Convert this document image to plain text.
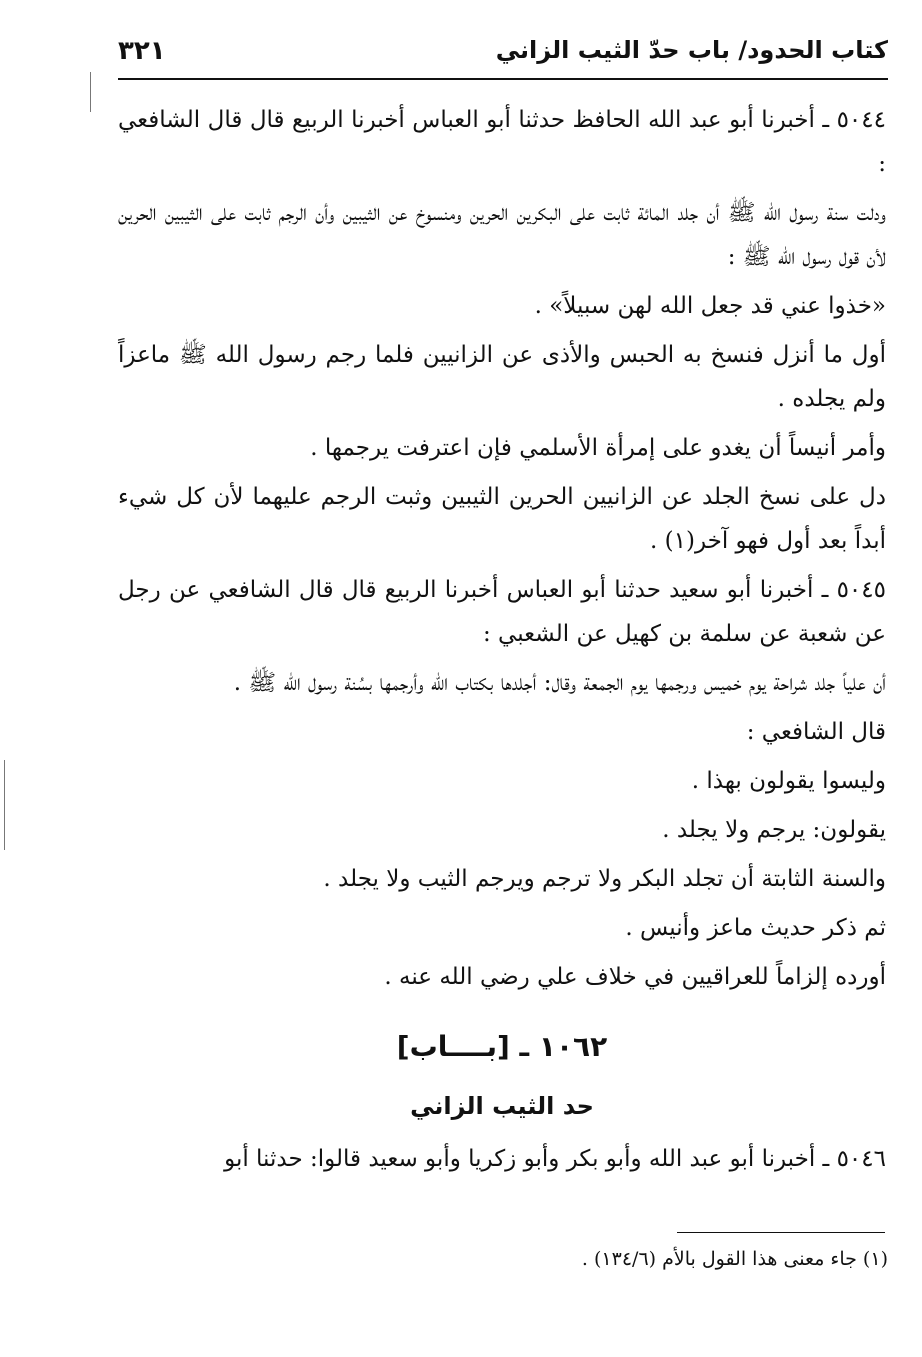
كتاب الحدود/ باب حدّ الثيب الزاني
٣٢١

٥٠٤٤ ـ أخبرنا أبو عبد الله الحافظ حدثنا أبو العباس أخبرنا الربيع قال قال الشافعي :

ودلت سنة رسول الله ﷺ أن جلد المائة ثابت على البكرين الحرين ومنسوخ عن الثيبين وأن الرجم ثابت على الثيبين الحرين لأن قول رسول الله ﷺ :

«خذوا عني قد جعل الله لهن سبيلاً» .

أول ما أنزل فنسخ به الحبس والأذى عن الزانيين فلما رجم رسول الله ﷺ ماعزاً ولم يجلده .

وأمر أنيساً أن يغدو على إمرأة الأسلمي فإن اعترفت يرجمها .

دل على نسخ الجلد عن الزانيين الحرين الثيبين وثبت الرجم عليهما لأن كل شيء أبداً بعد أول فهو آخر(١) .

٥٠٤٥ ـ أخبرنا أبو سعيد حدثنا أبو العباس أخبرنا الربيع قال قال الشافعي عن رجل عن شعبة عن سلمة بن كهيل عن الشعبي :

أن علياً جلد شراحة يوم خميس ورجمها يوم الجمعة وقال: أجلدها بكتاب الله وأرجمها بسُنة رسول الله ﷺ .

قال الشافعي :

وليسوا يقولون بهذا .

يقولون: يرجم ولا يجلد .

والسنة الثابتة أن تجلد البكر ولا ترجم ويرجم الثيب ولا يجلد .

ثم ذكر حديث ماعز وأنيس .

أورده إلزاماً للعراقيين في خلاف علي رضي الله عنه .

١٠٦٢ ـ [بــــاب]
حد الثيب الزاني

٥٠٤٦ ـ أخبرنا أبو عبد الله وأبو بكر وأبو زكريا وأبو سعيد قالوا: حدثنا أبو

(١) جاء معنى هذا القول بالأم (١٣٤/٦) .
